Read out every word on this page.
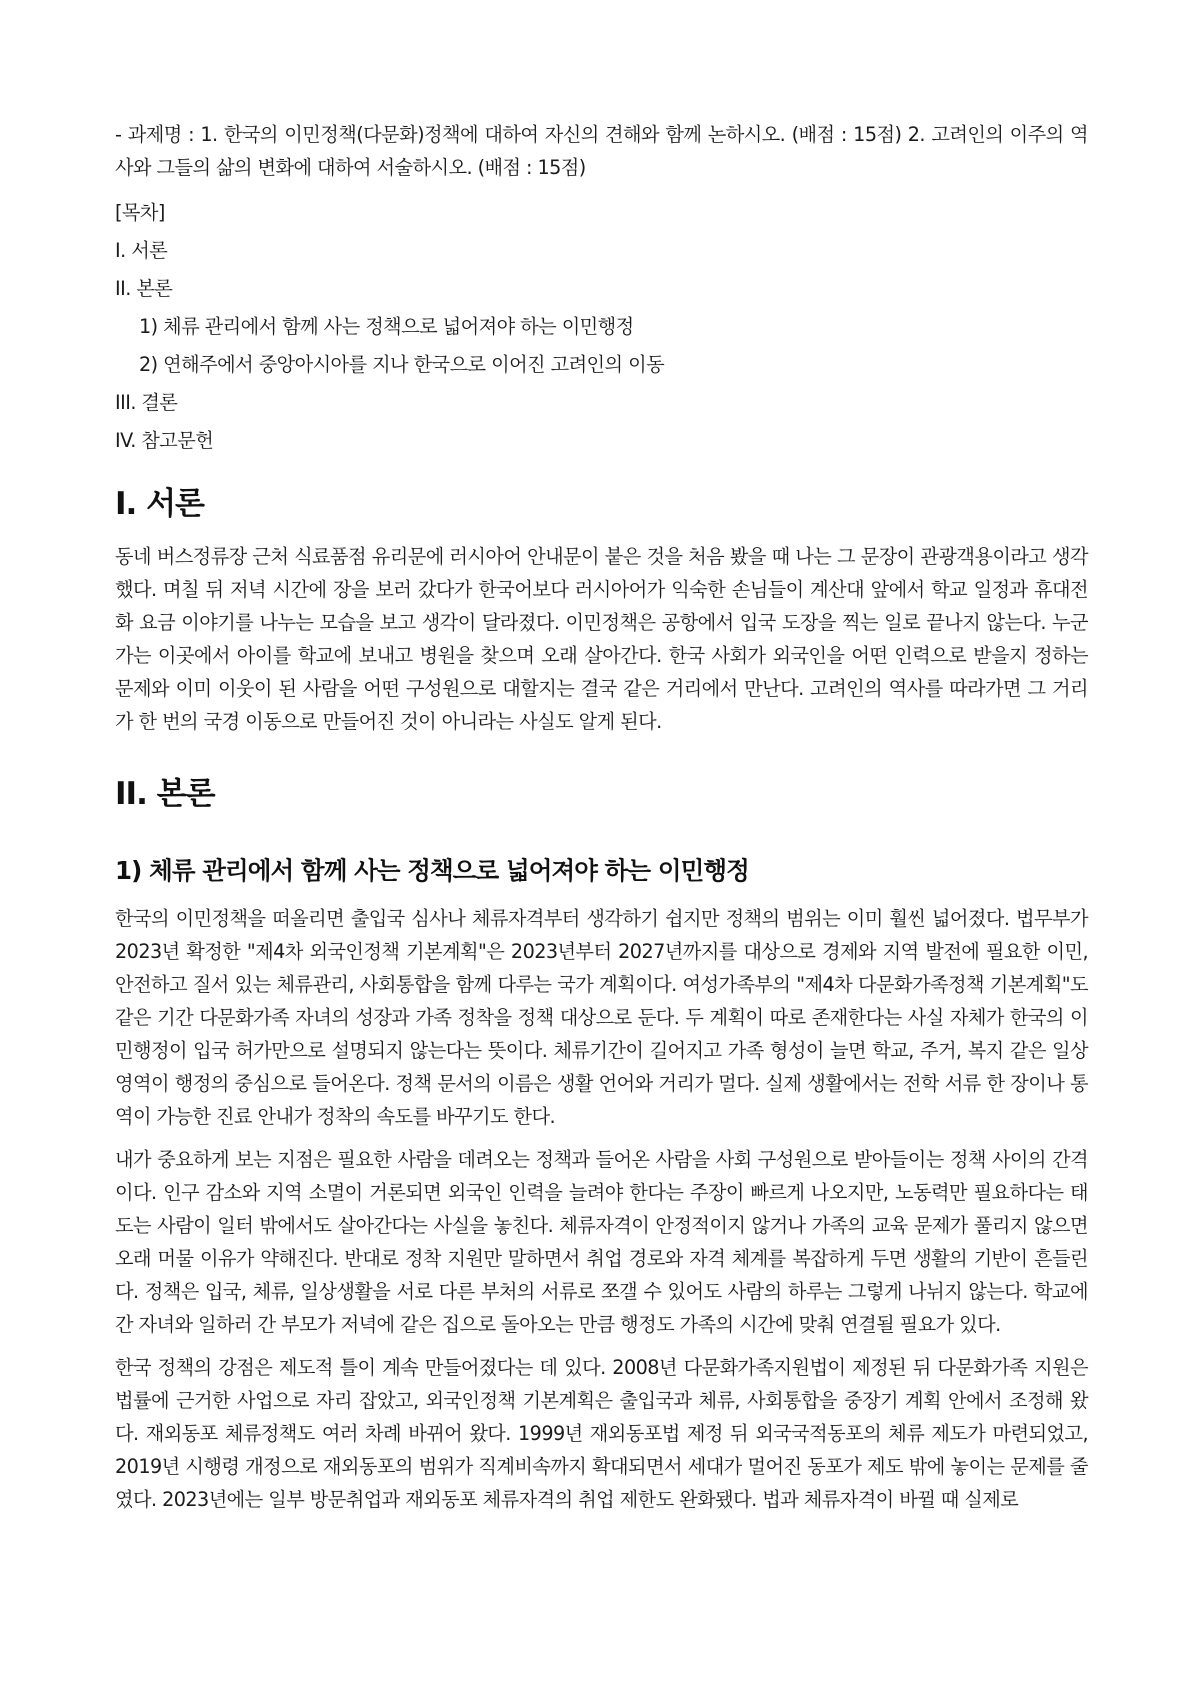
- 과제명 : 1. 한국의 이민정책(다문화)정책에 대하여 자신의 견해와 함께 논하시오. (배점 : 15점) 2. 고려인의 이주의 역사와 그들의 삶의 변화에 대하여 서술하시오. (배점 : 15점)

[목차]

I. 서론

II. 본론

1) 체류 관리에서 함께 사는 정책으로 넓어져야 하는 이민행정

2) 연해주에서 중앙아시아를 지나 한국으로 이어진 고려인의 이동

III. 결론

IV. 참고문헌

I. 서론

동네 버스정류장 근처 식료품점 유리문에 러시아어 안내문이 붙은 것을 처음 봤을 때 나는 그 문장이 관광객용이라고 생각했다. 며칠 뒤 저녁 시간에 장을 보러 갔다가 한국어보다 러시아어가 익숙한 손님들이 계산대 앞에서 학교 일정과 휴대전화 요금 이야기를 나누는 모습을 보고 생각이 달라졌다. 이민정책은 공항에서 입국 도장을 찍는 일로 끝나지 않는다. 누군가는 이곳에서 아이를 학교에 보내고 병원을 찾으며 오래 살아간다. 한국 사회가 외국인을 어떤 인력으로 받을지 정하는 문제와 이미 이웃이 된 사람을 어떤 구성원으로 대할지는 결국 같은 거리에서 만난다. 고려인의 역사를 따라가면 그 거리가 한 번의 국경 이동으로 만들어진 것이 아니라는 사실도 알게 된다.

II. 본론
1) 체류 관리에서 함께 사는 정책으로 넓어져야 하는 이민행정

한국의 이민정책을 떠올리면 출입국 심사나 체류자격부터 생각하기 쉽지만 정책의 범위는 이미 훨씬 넓어졌다. 법무부가 2023년 확정한 "제4차 외국인정책 기본계획"은 2023년부터 2027년까지를 대상으로 경제와 지역 발전에 필요한 이민, 안전하고 질서 있는 체류관리, 사회통합을 함께 다루는 국가 계획이다. 여성가족부의 "제4차 다문화가족정책 기본계획"도 같은 기간 다문화가족 자녀의 성장과 가족 정착을 정책 대상으로 둔다. 두 계획이 따로 존재한다는 사실 자체가 한국의 이민행정이 입국 허가만으로 설명되지 않는다는 뜻이다. 체류기간이 길어지고 가족 형성이 늘면 학교, 주거, 복지 같은 일상 영역이 행정의 중심으로 들어온다. 정책 문서의 이름은 생활 언어와 거리가 멀다. 실제 생활에서는 전학 서류 한 장이나 통역이 가능한 진료 안내가 정착의 속도를 바꾸기도 한다.

내가 중요하게 보는 지점은 필요한 사람을 데려오는 정책과 들어온 사람을 사회 구성원으로 받아들이는 정책 사이의 간격이다. 인구 감소와 지역 소멸이 거론되면 외국인 인력을 늘려야 한다는 주장이 빠르게 나오지만, 노동력만 필요하다는 태도는 사람이 일터 밖에서도 살아간다는 사실을 놓친다. 체류자격이 안정적이지 않거나 가족의 교육 문제가 풀리지 않으면 오래 머물 이유가 약해진다. 반대로 정착 지원만 말하면서 취업 경로와 자격 체계를 복잡하게 두면 생활의 기반이 흔들린다. 정책은 입국, 체류, 일상생활을 서로 다른 부처의 서류로 쪼갤 수 있어도 사람의 하루는 그렇게 나뉘지 않는다. 학교에 간 자녀와 일하러 간 부모가 저녁에 같은 집으로 돌아오는 만큼 행정도 가족의 시간에 맞춰 연결될 필요가 있다.

한국 정책의 강점은 제도적 틀이 계속 만들어졌다는 데 있다. 2008년 다문화가족지원법이 제정된 뒤 다문화가족 지원은 법률에 근거한 사업으로 자리 잡았고, 외국인정책 기본계획은 출입국과 체류, 사회통합을 중장기 계획 안에서 조정해 왔다. 재외동포 체류정책도 여러 차례 바뀌어 왔다. 1999년 재외동포법 제정 뒤 외국국적동포의 체류 제도가 마련되었고, 2019년 시행령 개정으로 재외동포의 범위가 직계비속까지 확대되면서 세대가 멀어진 동포가 제도 밖에 놓이는 문제를 줄였다. 2023년에는 일부 방문취업과 재외동포 체류자격의 취업 제한도 완화됐다. 법과 체류자격이 바뀔 때 실제로
